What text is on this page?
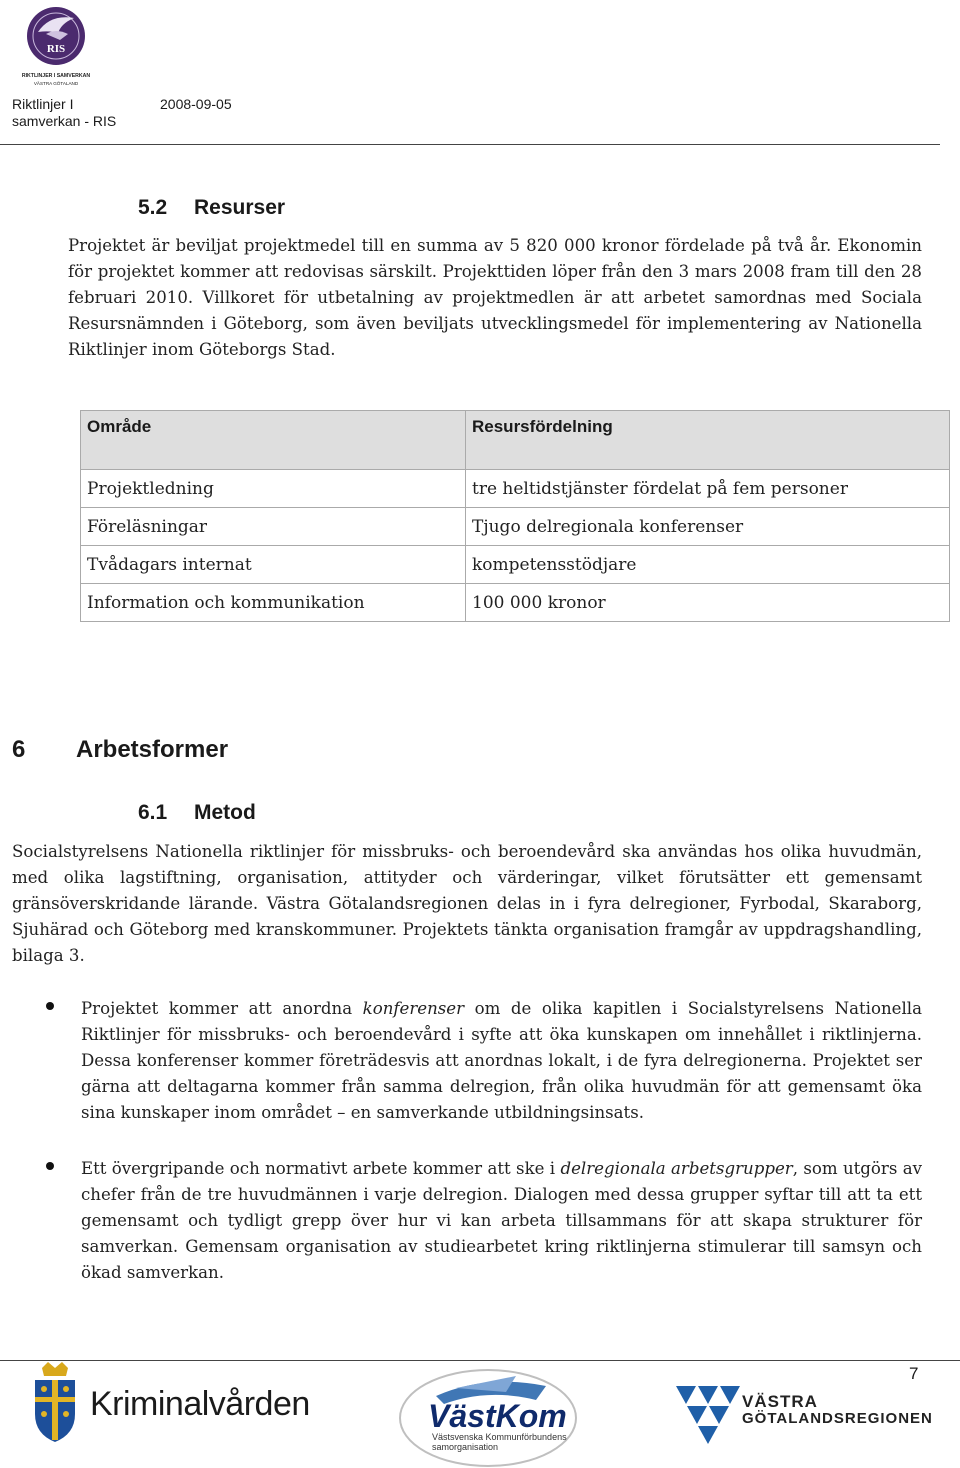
RIS
RIKTLINJER I SAMVERKAN
VÄSTRA GÖTALAND
Riktlinjer I
samverkan - RIS
2008-09-05
5.2 Resurser

Projektet är beviljat projektmedel till en summa av 5 820 000 kronor fördelade på två år. Ekonomin för projektet kommer att redovisas särskilt. Projekttiden löper från den 3 mars 2008 fram till den 28 februari 2010. Villkoret för utbetalning av projektmedlen är att arbetet samordnas med Sociala Resursnämnden i Göteborg, som även beviljats utvecklingsmedel för implementering av Nationella Riktlinjer inom Göteborgs Stad.

Område	Resursfördelning
Projektledning	tre heltidstjänster fördelat på fem personer
Föreläsningar	Tjugo delregionala konferenser
Tvådagars internat	kompetensstödjare
Information och kommunikation	100 000 kronor
6 Arbetsformer
6.1 Metod

Socialstyrelsens Nationella riktlinjer för missbruks- och beroendevård ska användas hos olika huvudmän, med olika lagstiftning, organisation, attityder och värderingar, vilket förutsätter ett gemensamt gränsöverskridande lärande. Västra Götalandsregionen delas in i fyra delregioner, Fyrbodal, Skaraborg, Sjuhärad och Göteborg med kranskommuner. Projektets tänkta organisation framgår av uppdragshandling, bilaga 3.

Projektet kommer att anordna konferenser om de olika kapitlen i Socialstyrelsens Nationella Riktlinjer för missbruks- och beroendevård i syfte att öka kunskapen om innehållet i riktlinjerna. Dessa konferenser kommer företrädesvis att anordnas lokalt, i de fyra delregionerna. Projektet ser gärna att deltagarna kommer från samma delregion, från olika huvudmän för att gemensamt öka sina kunskaper inom området – en samverkande utbildningsinsats.
Ett övergripande och normativt arbete kommer att ske i delregionala arbetsgrupper, som utgörs av chefer från de tre huvudmännen i varje delregion. Dialogen med dessa grupper syftar till att ta ett gemensamt och tydligt grepp över hur vi kan arbeta tillsammans för att skapa strukturer för samverkan. Gemensam organisation av studiearbetet kring riktlinjerna stimulerar till samsyn och ökad samverkan.
7
Kriminalvården	VästKom
Västsvenska Kommunförbundens samorganisation
VÄSTRA
GÖTALANDSREGIONEN
